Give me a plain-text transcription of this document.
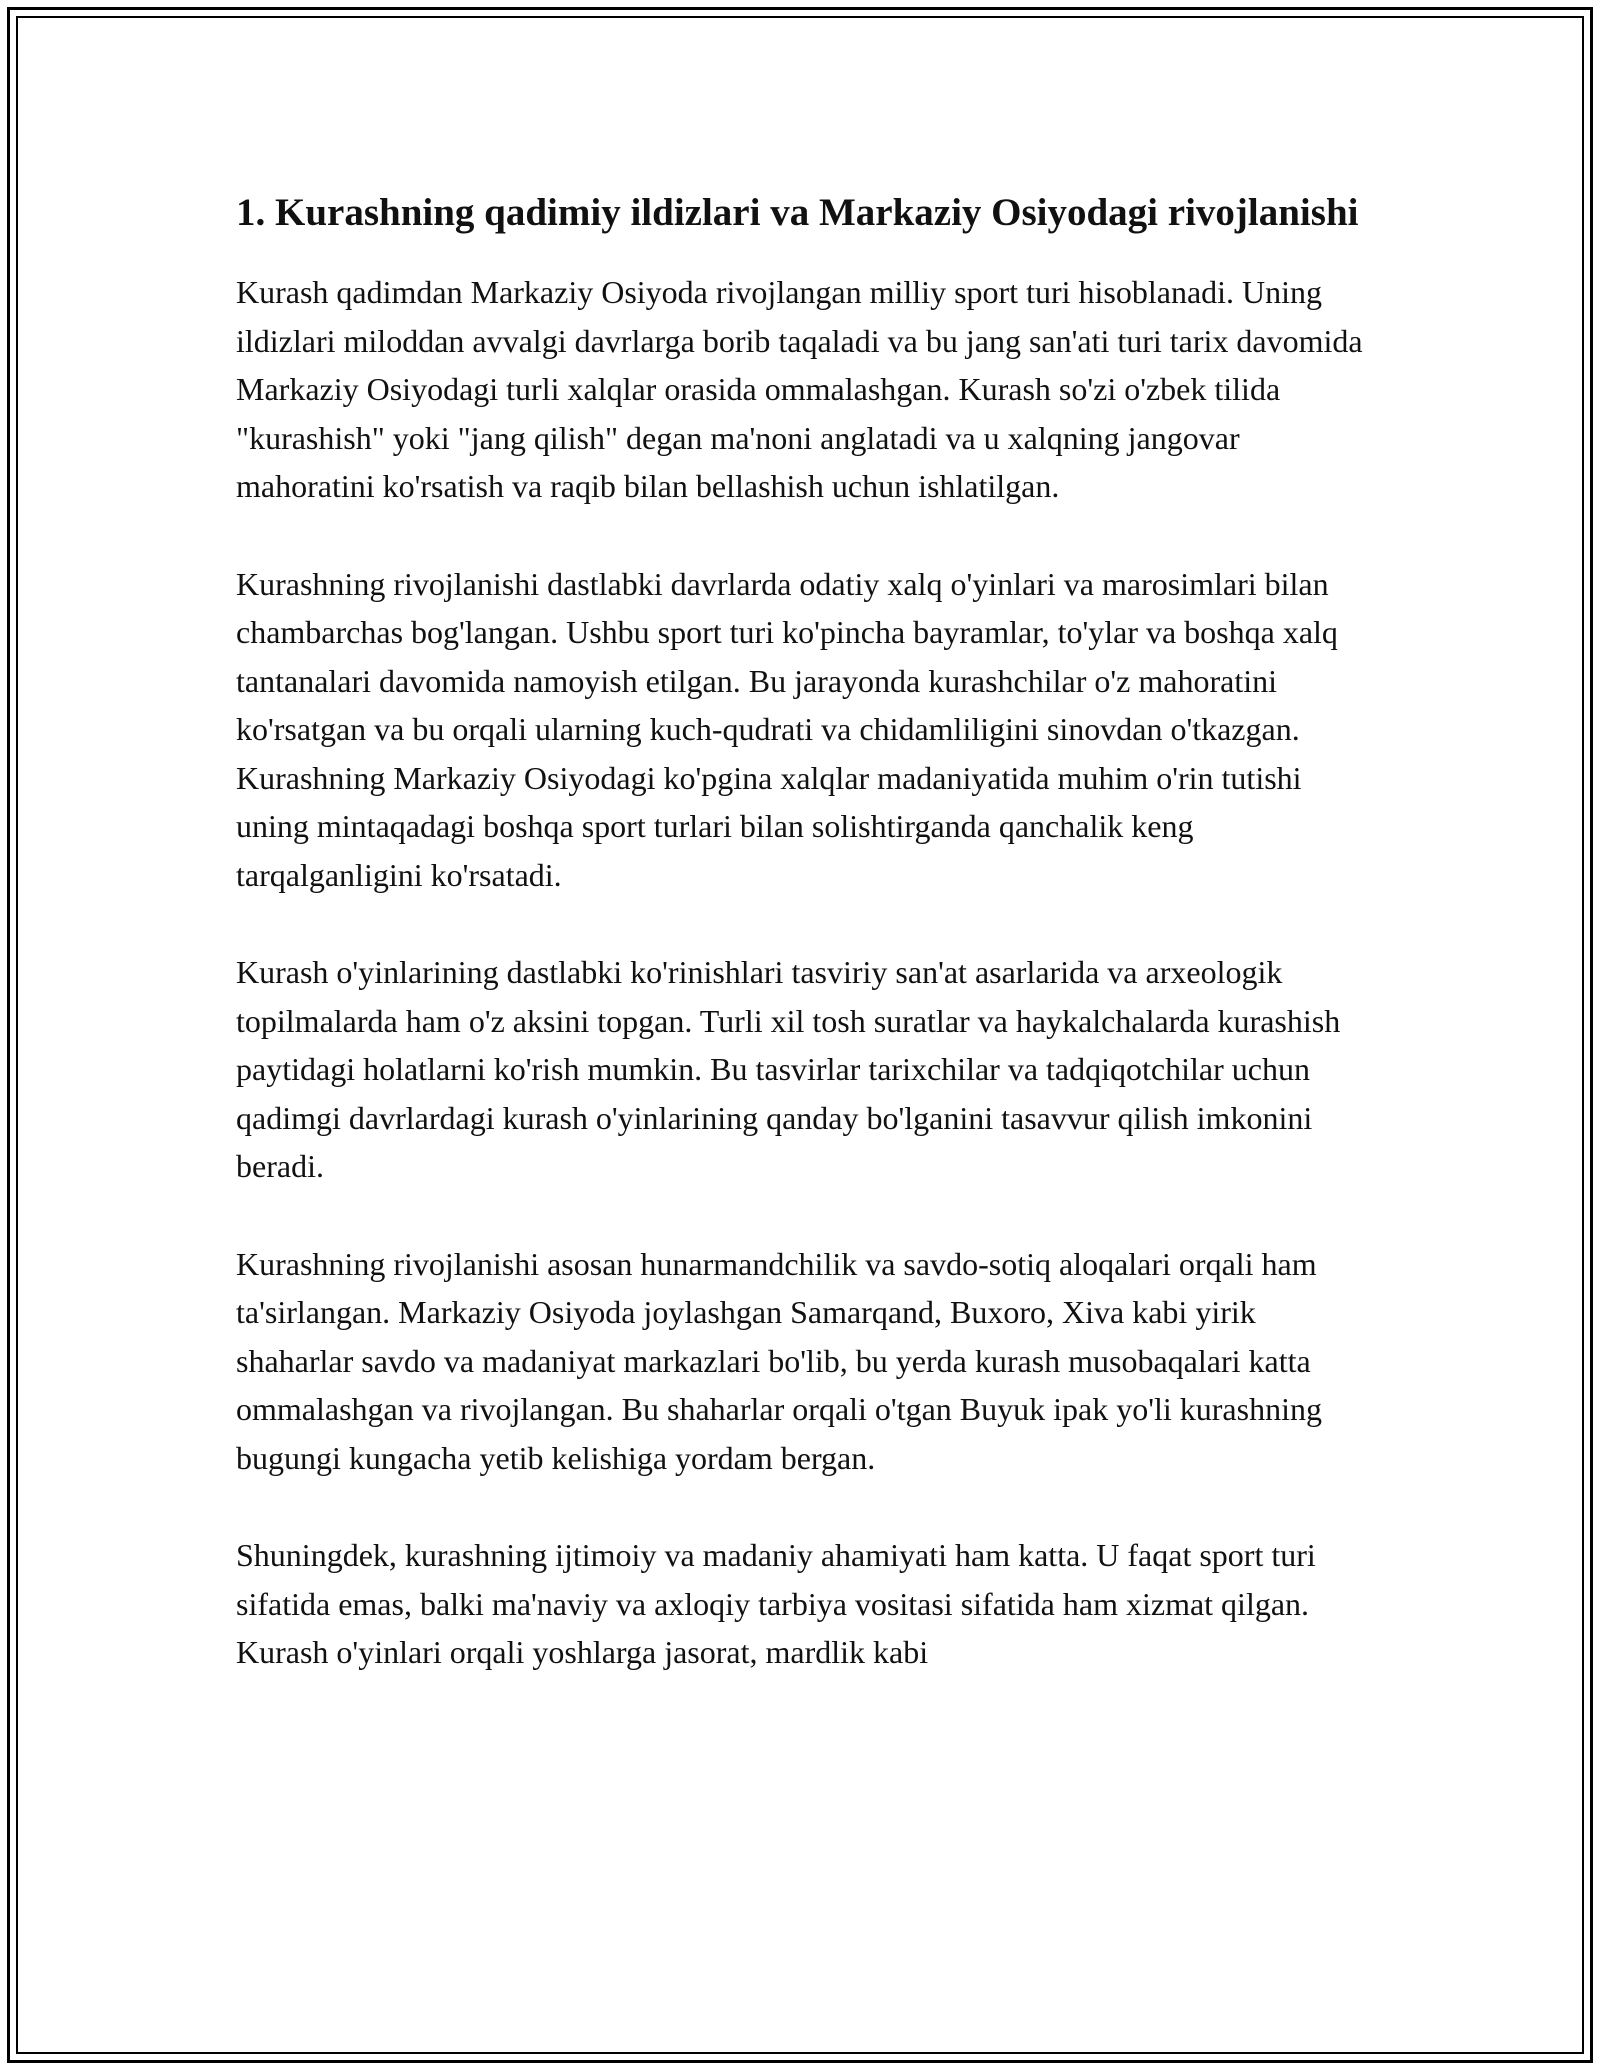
1. Kurashning qadimiy ildizlari va Markaziy Osiyodagi rivojlanishi

Kurash qadimdan Markaziy Osiyoda rivojlangan milliy sport turi hisoblanadi. Uning ildizlari miloddan avvalgi davrlarga borib taqaladi va bu jang san'ati turi tarix davomida Markaziy Osiyodagi turli xalqlar orasida ommalashgan. Kurash so'zi o'zbek tilida "kurashish" yoki "jang qilish" degan ma'noni anglatadi va u xalqning jangovar mahoratini ko'rsatish va raqib bilan bellashish uchun ishlatilgan.

Kurashning rivojlanishi dastlabki davrlarda odatiy xalq o'yinlari va marosimlari bilan chambarchas bog'langan. Ushbu sport turi ko'pincha bayramlar, to'ylar va boshqa xalq tantanalari davomida namoyish etilgan. Bu jarayonda kurashchilar o'z mahoratini ko'rsatgan va bu orqali ularning kuch-qudrati va chidamliligini sinovdan o'tkazgan. Kurashning Markaziy Osiyodagi ko'pgina xalqlar madaniyatida muhim o'rin tutishi uning mintaqadagi boshqa sport turlari bilan solishtirganda qanchalik keng tarqalganligini ko'rsatadi.

Kurash o'yinlarining dastlabki ko'rinishlari tasviriy san'at asarlarida va arxeologik topilmalarda ham o'z aksini topgan. Turli xil tosh suratlar va haykalchalarda kurashish paytidagi holatlarni ko'rish mumkin. Bu tasvirlar tarixchilar va tadqiqotchilar uchun qadimgi davrlardagi kurash o'yinlarining qanday bo'lganini tasavvur qilish imkonini beradi.

Kurashning rivojlanishi asosan hunarmandchilik va savdo-sotiq aloqalari orqali ham ta'sirlangan. Markaziy Osiyoda joylashgan Samarqand, Buxoro, Xiva kabi yirik shaharlar savdo va madaniyat markazlari bo'lib, bu yerda kurash musobaqalari katta ommalashgan va rivojlangan. Bu shaharlar orqali o'tgan Buyuk ipak yo'li kurashning bugungi kungacha yetib kelishiga yordam bergan.

Shuningdek, kurashning ijtimoiy va madaniy ahamiyati ham katta. U faqat sport turi sifatida emas, balki ma'naviy va axloqiy tarbiya vositasi sifatida ham xizmat qilgan. Kurash o'yinlari orqali yoshlarga jasorat, mardlik kabi
